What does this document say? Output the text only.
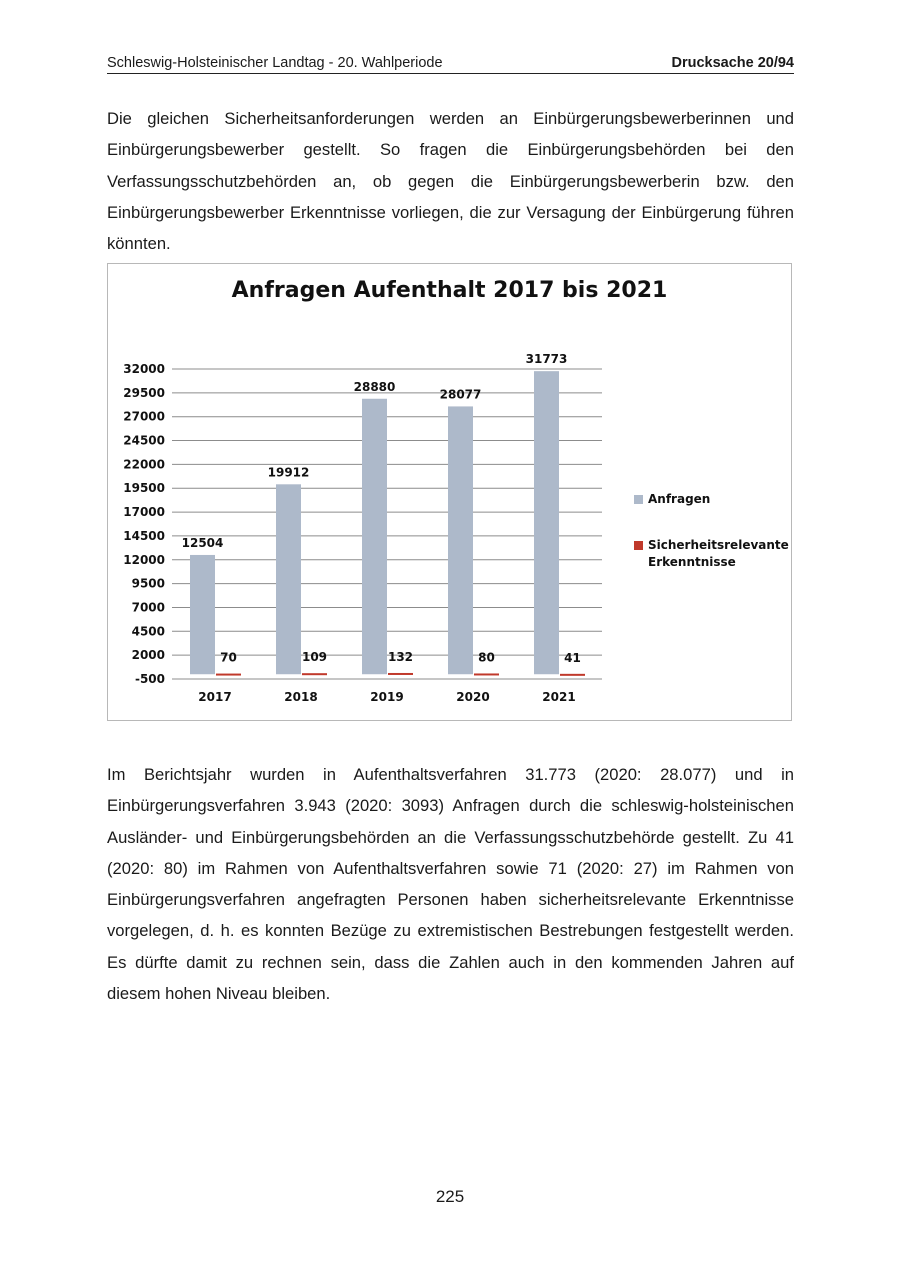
Schleswig-Holsteinischer Landtag - 20. Wahlperiode	Drucksache 20/94

Die gleichen Sicherheitsanforderungen werden an Einbürgerungsbewerberinnen und Einbürgerungsbewerber gestellt. So fragen die Einbürgerungsbehörden bei den Verfassungsschutzbehörden an, ob gegen die Einbürgerungsbewerberin bzw. den Einbürgerungsbewerber Erkenntnisse vorliegen, die zur Versagung der Einbürgerung führen könnten.

Anfragen Aufenthalt 2017 bis 2021
32000
29500
27000
24500
22000
19500
17000
14500
12000
9500
7000
4500
2000
-500
12504
70
2017
19912
109
2018
28880
132
2019
28077
80
2020
31773
41
2021
Anfragen
Sicherheitsrelevante
Erkenntnisse

Im Berichtsjahr wurden in Aufenthaltsverfahren 31.773 (2020: 28.077) und in Einbürgerungsverfahren 3.943 (2020: 3093) Anfragen durch die schleswig-holsteinischen Ausländer- und Einbürgerungsbehörden an die Verfassungsschutzbehörde gestellt. Zu 41 (2020: 80) im Rahmen von Aufenthaltsverfahren sowie 71 (2020: 27) im Rahmen von Einbürgerungsverfahren angefragten Personen haben sicherheitsrelevante Erkenntnisse vorgelegen, d. h. es konnten Bezüge zu extremistischen Bestrebungen festgestellt werden. Es dürfte damit zu rechnen sein, dass die Zahlen auch in den kommenden Jahren auf diesem hohen Niveau bleiben.

225
